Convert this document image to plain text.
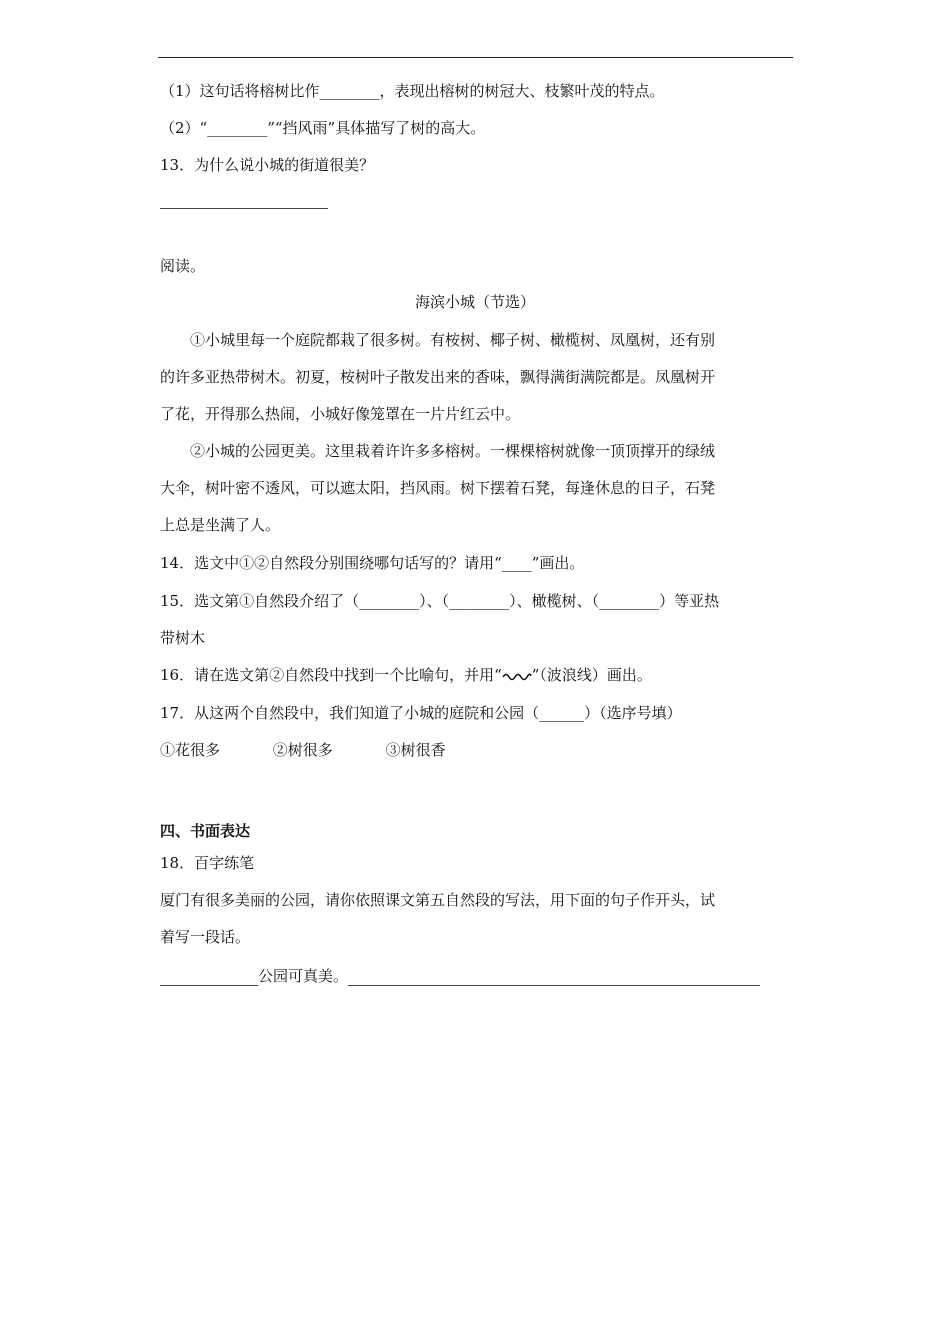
（1）这句话将榕树比作________，表现出榕树的树冠大、枝繁叶茂的特点。
（2）“________”“挡风雨”具体描写了树的高大。
13．为什么说小城的街道很美？
阅读。
海滨小城（节选）
①小城里每一个庭院都栽了很多树。有桉树、椰子树、橄榄树、凤凰树，还有别
的许多亚热带树木。初夏，桉树叶子散发出来的香味，飘得满街满院都是。凤凰树开
了花，开得那么热闹，小城好像笼罩在一片片红云中。
②小城的公园更美。这里栽着许许多多榕树。一棵棵榕树就像一顶顶撑开的绿绒
大伞，树叶密不透风，可以遮太阳，挡风雨。树下摆着石凳，每逢休息的日子，石凳
上总是坐满了人。
14．选文中①②自然段分别围绕哪句话写的？请用“____”画出。
15．选文第①自然段介绍了（________）、（________）、橄榄树、（________）等亚热
带树木
16．请在选文第②自然段中找到一个比喻句，并用“ ”（波浪线）画出。
17．从这两个自然段中，我们知道了小城的庭院和公园（______）（选序号填）
①花很多	②树很多	③树很香
四、书面表达
18．百字练笔
厦门有很多美丽的公园，请你依照课文第五自然段的写法，用下面的句子作开头，试
着写一段话。
公园可真美。
